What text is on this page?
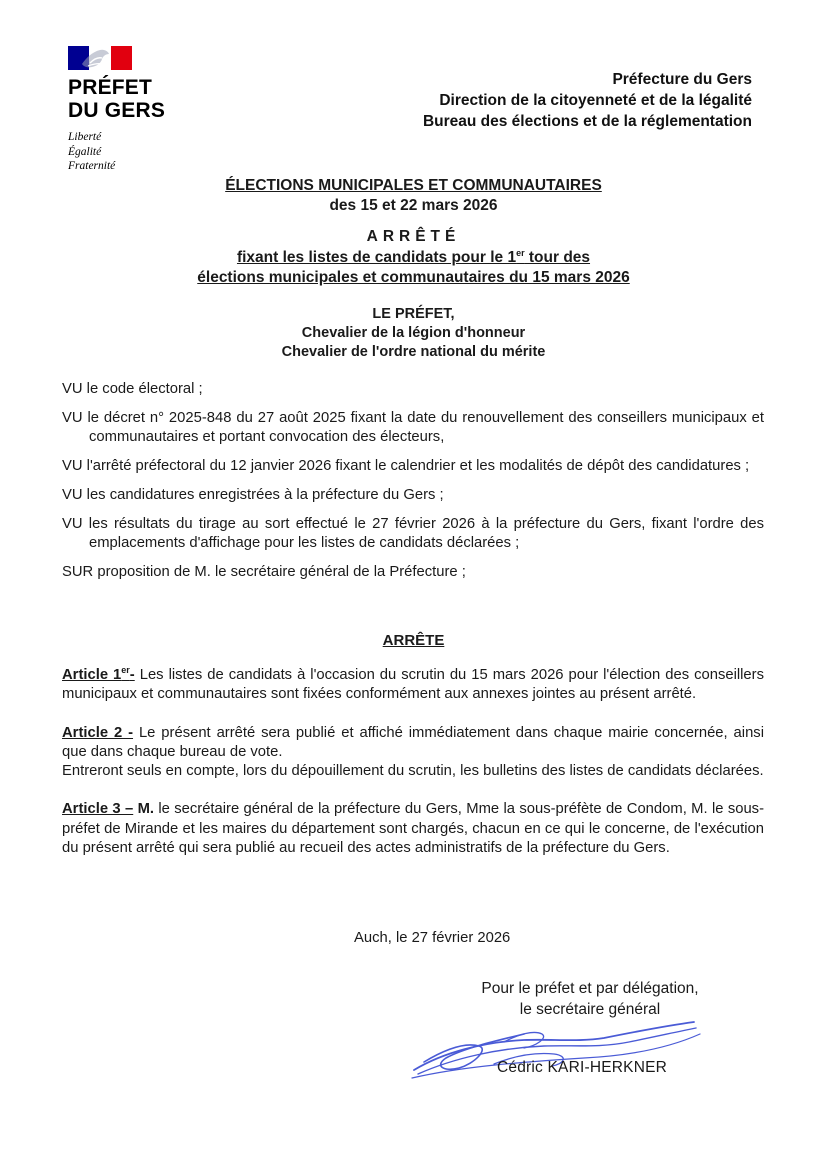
PRÉFET
DU GERS
Liberté
Égalité
Fraternité
Préfecture du Gers
Direction de la citoyenneté et de la légalité
Bureau des élections et de la réglementation
ÉLECTIONS MUNICIPALES ET COMMUNAUTAIRES
des 15 et 22 mars 2026
ARRÊTÉ
fixant les listes de candidats pour le 1er tour des
élections municipales et communautaires du 15 mars 2026
LE PRÉFET,
Chevalier de la légion d'honneur
Chevalier de l'ordre national du mérite
VU le code électoral ;
VU le décret n° 2025-848 du 27 août 2025 fixant la date du renouvellement des conseillers municipaux et communautaires et portant convocation des électeurs,
VU l'arrêté préfectoral du 12 janvier 2026 fixant le calendrier et les modalités de dépôt des candidatures ;
VU les candidatures enregistrées à la préfecture du Gers ;
VU les résultats du tirage au sort effectué le 27 février 2026 à la préfecture du Gers, fixant l'ordre des emplacements d'affichage pour les listes de candidats déclarées ;
SUR proposition de M. le secrétaire général de la Préfecture ;
ARRÊTE

Article 1er- Les listes de candidats à l'occasion du scrutin du 15 mars 2026 pour l'élection des conseillers municipaux et communautaires sont fixées conformément aux annexes jointes au présent arrêté.

Article 2 - Le présent arrêté sera publié et affiché immédiatement dans chaque mairie concernée, ainsi que dans chaque bureau de vote.

Entreront seuls en compte, lors du dépouillement du scrutin, les bulletins des listes de candidats déclarées.

Article 3 – M. le secrétaire général de la préfecture du Gers, Mme la sous-préfète de Condom, M. le sous-préfet de Mirande et les maires du département sont chargés, chacun en ce qui le concerne, de l'exécution du présent arrêté qui sera publié au recueil des actes administratifs de la préfecture du Gers.

Auch, le 27 février 2026
Pour le préfet et par délégation,
le secrétaire général
Cédric KARI-HERKNER
